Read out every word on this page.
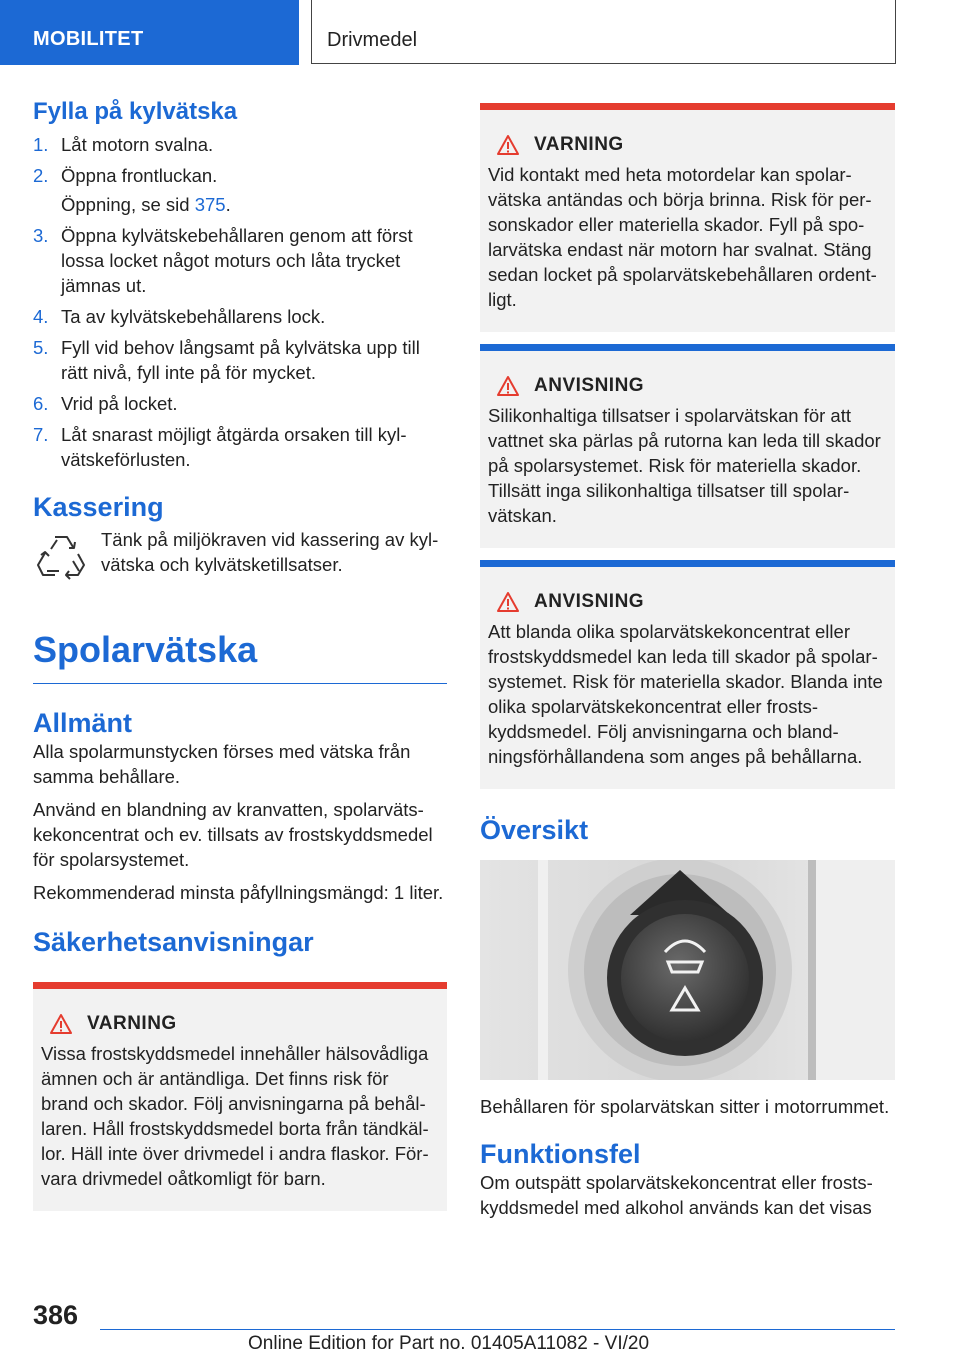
MOBILITET	Drivmedel
Fylla på kylvätska
1. Låt motorn svalna.
2. Öppna frontluckan.
Öppning, se sid 375.
3. Öppna kylvätskebehållaren genom att först lossa locket något moturs och låta trycket jämnas ut.
4. Ta av kylvätskebehållarens lock.
5. Fyll vid behov långsamt på kylvätska upp till rätt nivå, fyll inte på för mycket.
6. Vrid på locket.
7. Låt snarast möjligt åtgärda orsaken till kylvätskeförlusten.
Kassering

Tänk på miljökraven vid kassering av kylvätska och kylvätsketillsatser.

Spolarvätska
Allmänt

Alla spolarmunstycken förses med vätska från samma behållare.

Använd en blandning av kranvatten, spolarvätskekoncentrat och ev. tillsats av frostskyddsmedel för spolarsystemet.

Rekommenderad minsta påfyllningsmängd: 1 liter.

Säkerhetsanvisningar
VARNING

Vissa frostskyddsmedel innehåller hälsovådliga ämnen och är antändliga. Det finns risk för brand och skador. Följ anvisningarna på behållaren. Håll frostskyddsmedel borta från tändkällor. Häll inte över drivmedel i andra flaskor. Förvara drivmedel oåtkomligt för barn.

VARNING

Vid kontakt med heta motordelar kan spolarvätska antändas och börja brinna. Risk för personskador eller materiella skador. Fyll på spolarvätska endast när motorn har svalnat. Stäng sedan locket på spolarvätskebehållaren ordentligt.

ANVISNING

Silikonhaltiga tillsatser i spolarvätskan för att vattnet ska pärlas på rutorna kan leda till skador på spolarsystemet. Risk för materiella skador. Tillsätt inga silikonhaltiga tillsatser till spolarvätskan.

ANVISNING

Att blanda olika spolarvätskekoncentrat eller frostskyddsmedel kan leda till skador på spolarsystemet. Risk för materiella skador. Blanda inte olika spolarvätskekoncentrat eller frostskyddsmedel. Följ anvisningarna och blandningsförhållandena som anges på behållarna.

Översikt

Behållaren för spolarvätskan sitter i motorrummet.

Funktionsfel

Om outspätt spolarvätskekoncentrat eller frostskyddsmedel med alkohol används kan det visas

386
Online Edition for Part no. 01405A11082 - VI/20
